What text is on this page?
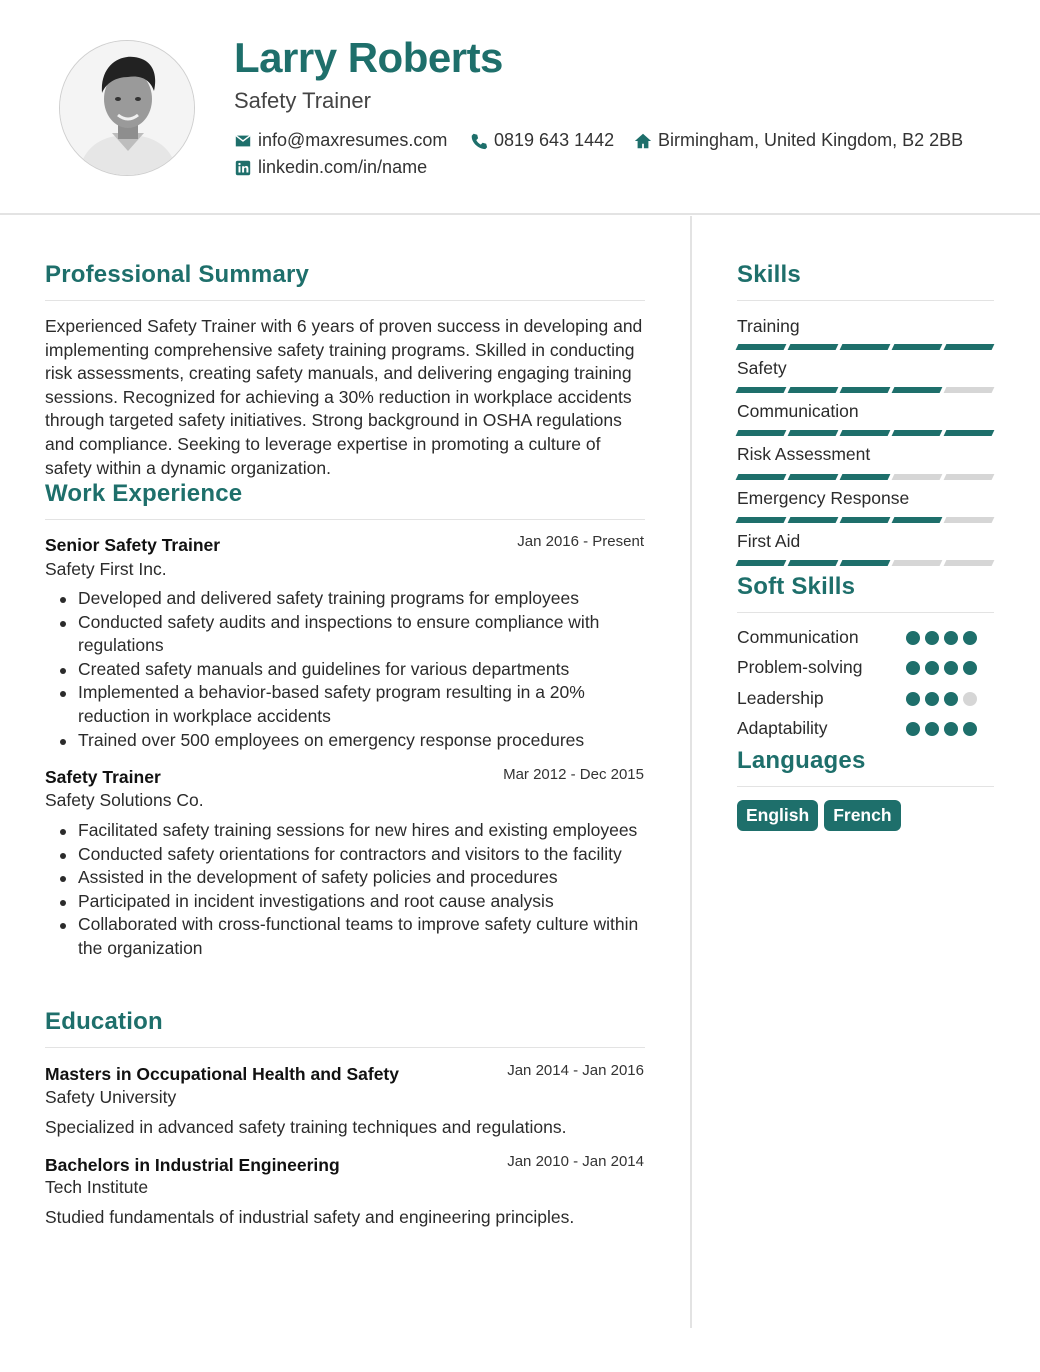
Larry Roberts
Safety Trainer
info@maxresumes.com	0819 643 1442 Birmingham, United Kingdom, B2 2BB
linkedin.com/in/name
Professional Summary
Experienced Safety Trainer with 6 years of proven success in developing and implementing comprehensive safety training programs. Skilled in conducting risk assessments, creating safety manuals, and delivering engaging training sessions. Recognized for achieving a 30% reduction in workplace accidents through targeted safety initiatives. Strong background in OSHA regulations and compliance. Seeking to leverage expertise in promoting a culture of safety within a dynamic organization.
Work Experience
Senior Safety Trainer	Jan 2016 - Present
Safety First Inc.
Developed and delivered safety training programs for employees
Conducted safety audits and inspections to ensure compliance with regulations
Created safety manuals and guidelines for various departments
Implemented a behavior-based safety program resulting in a 20% reduction in workplace accidents
Trained over 500 employees on emergency response procedures
Safety Trainer	Mar 2012 - Dec 2015
Safety Solutions Co.
Facilitated safety training sessions for new hires and existing employees
Conducted safety orientations for contractors and visitors to the facility
Assisted in the development of safety policies and procedures
Participated in incident investigations and root cause analysis
Collaborated with cross-functional teams to improve safety culture within the organization
Education
Masters in Occupational Health and Safety	Jan 2014 - Jan 2016
Safety University
Specialized in advanced safety training techniques and regulations.
Bachelors in Industrial Engineering	Jan 2010 - Jan 2014
Tech Institute
Studied fundamentals of industrial safety and engineering principles.
Skills
Training
Safety
Communication
Risk Assessment
Emergency Response
First Aid
Soft Skills
Communication
Problem-solving
Leadership
Adaptability
Languages
English	French
